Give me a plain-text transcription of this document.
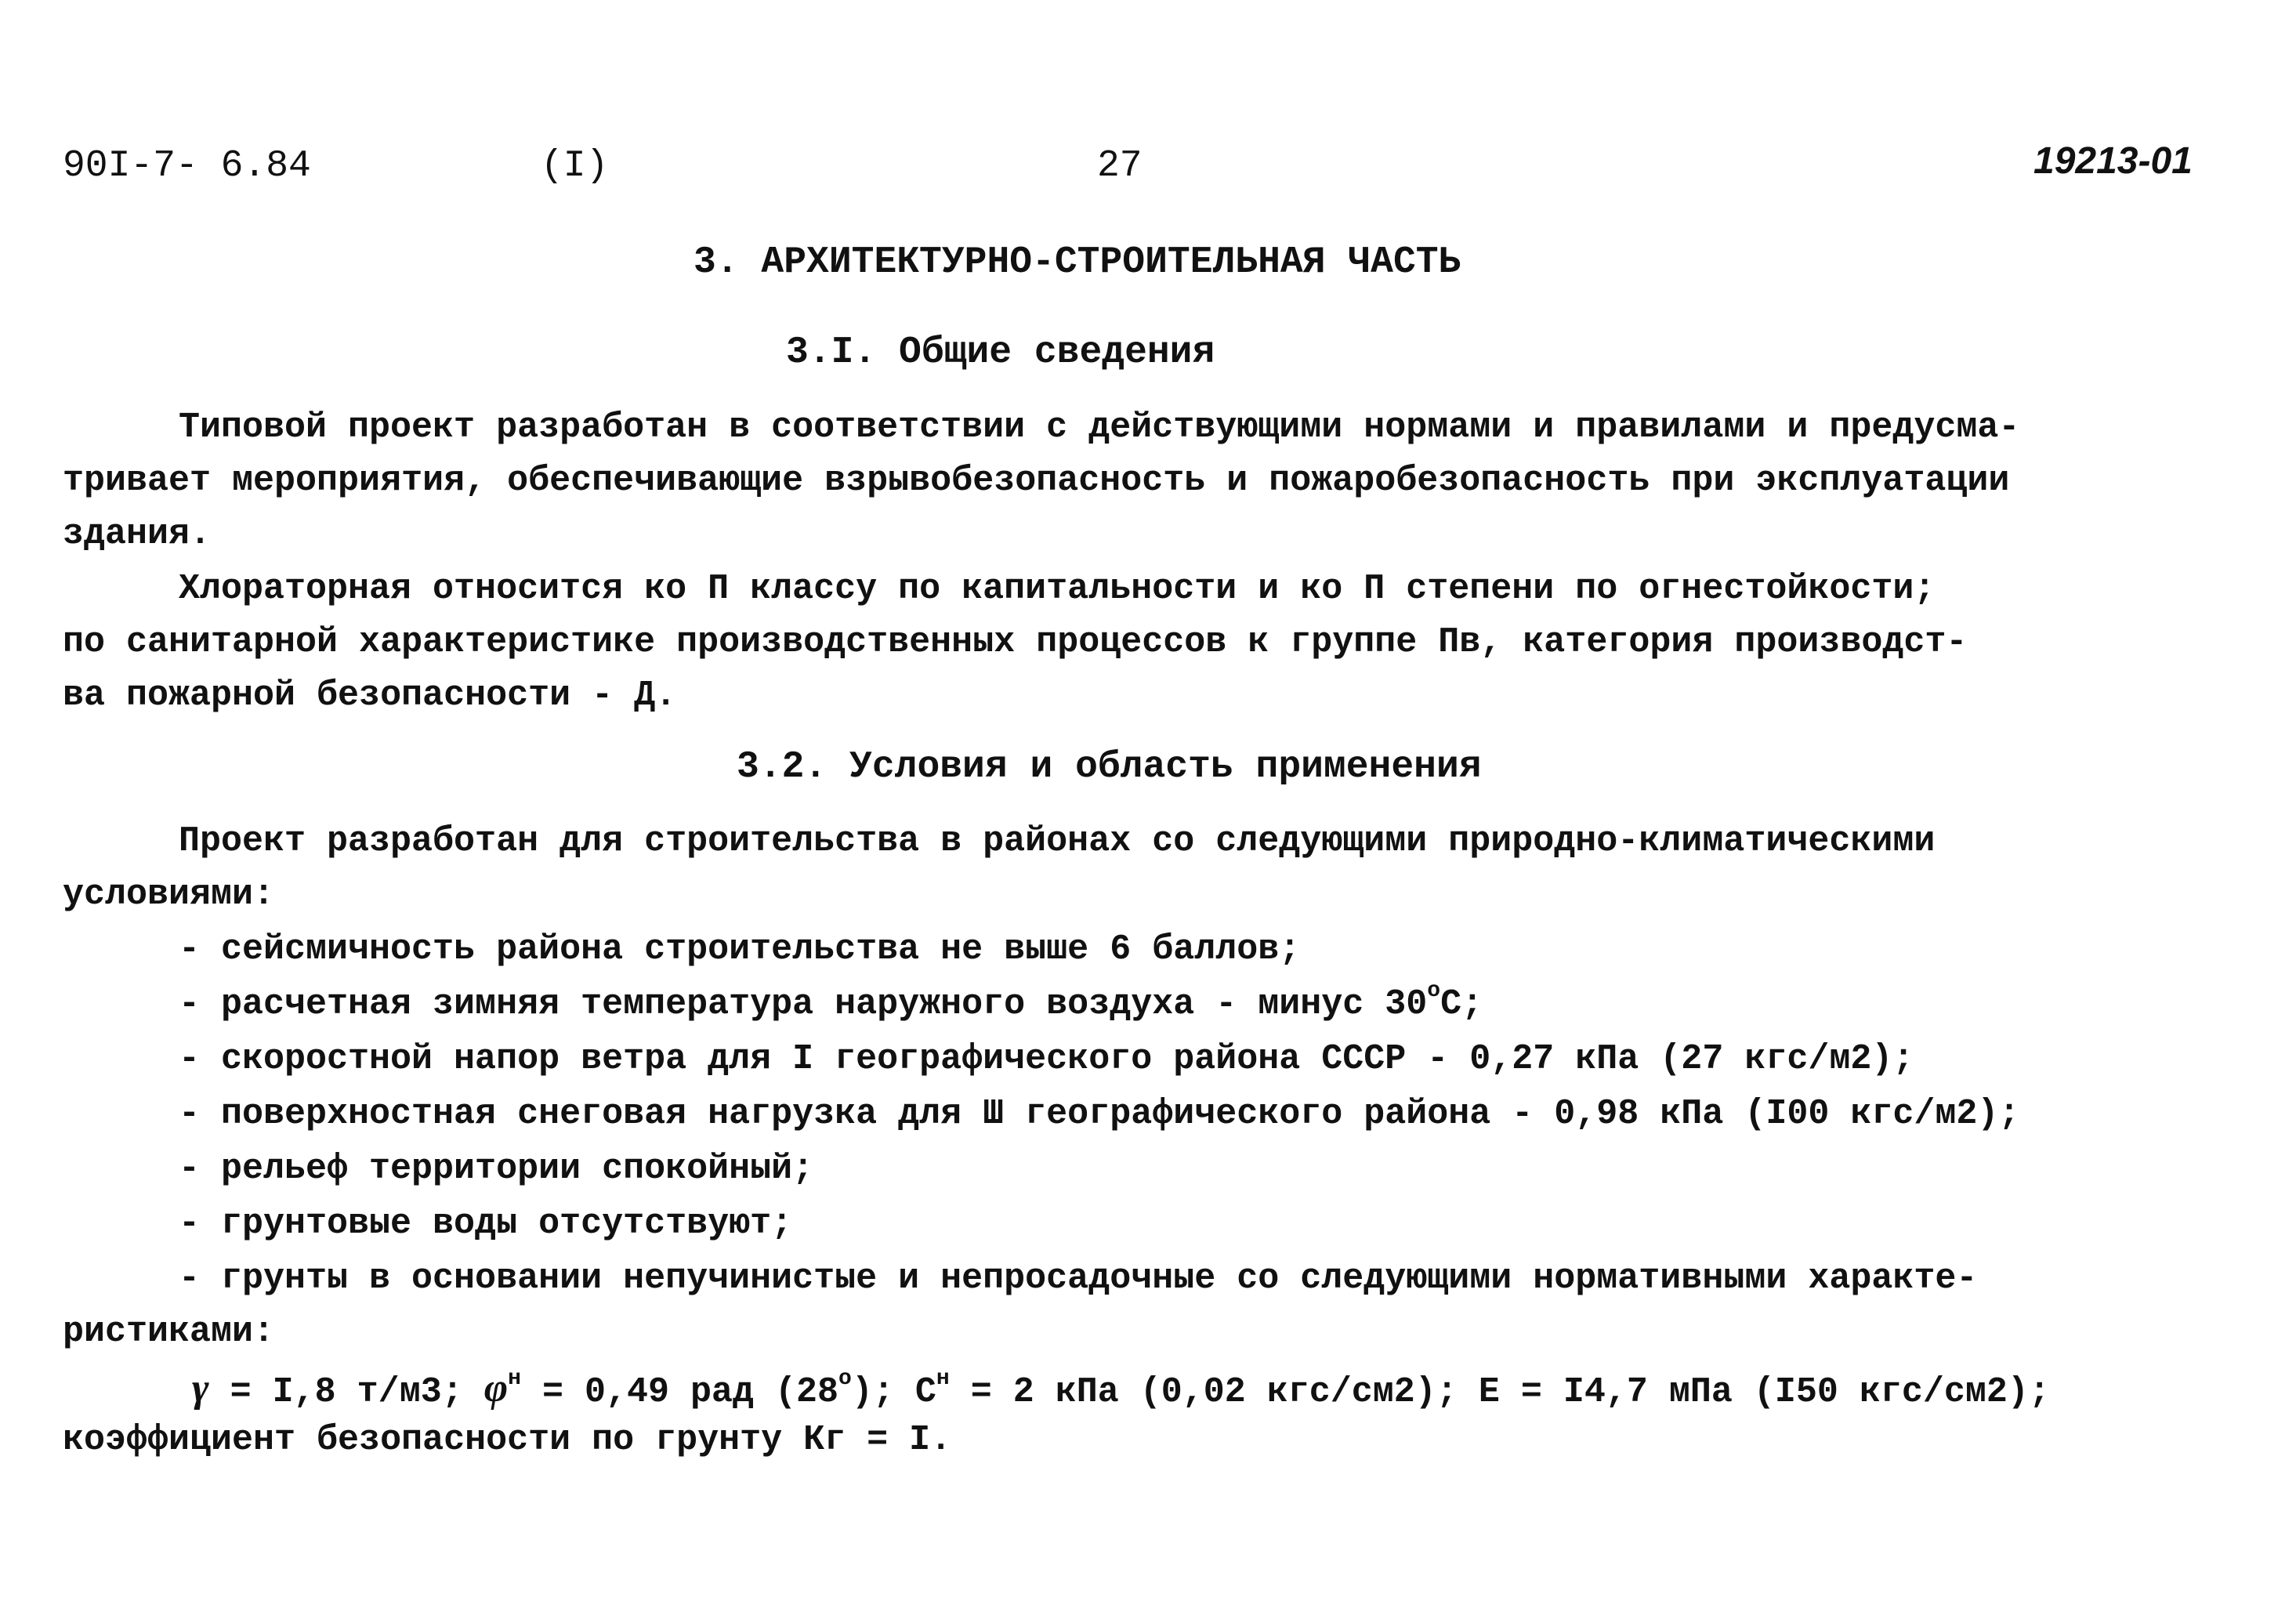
90I-7- 6.84	(I)	27	19213-01
3. АРХИТЕКТУРНО-СТРОИТЕЛЬНАЯ ЧАСТЬ
3.I. Общие сведения
Типовой проект разработан в соответствии с действующими нормами и правилами и предусма-
тривает мероприятия, обеспечивающие взрывобезопасность и пожаробезопасность при эксплуатации
здания.
Хлораторная относится ко П классу по капитальности и ко П степени по огнестойкости;
по санитарной характеристике производственных процессов к группе Пв, категория производст-
ва пожарной безопасности - Д.
3.2. Условия и область применения
Проект разработан для строительства в районах со следующими природно-климатическими
условиями:
- сейсмичность района строительства не выше 6 баллов;
- расчетная зимняя температура наружного воздуха - минус $30^оС$;
- скоростной напор ветра для I географического района СССР - 0,27 кПа (27 кгс/м2);
- поверхностная снеговая нагрузка для Ш географического района - 0,98 кПа (I00 кгс/м2);
- рельеф территории спокойный;
- грунтовые воды отсутствуют;
- грунты в основании непучинистые и непросадочные со следующими нормативными характе-
ристиками:
γ = I,8 т/м3; $\varphi^н = 0,49$ рад $(28^о)$; $С^н = 2$ кПа (0,02 кгс/см2); Е = I4,7 мПа (I50 кгс/см2);
коэффициент безопасности по грунту Кг = I.
